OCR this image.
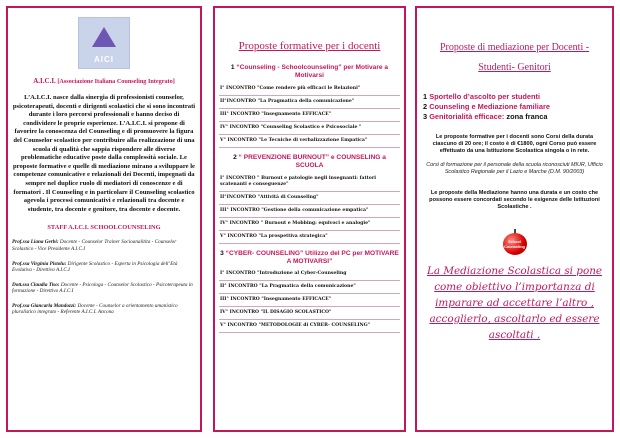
AICI
A.I.C.I. [Associazione Italiana Counseling Integrato]

L’A.I.C.I. nasce dalla sinergia di professionisti counselor, psicoterapeuti, docenti e dirigenti scolastici che si sono incontrati durante i loro percorsi professionali e hanno deciso di condividere le proprie esperienze. L’A.I.C.I. si propone di favorire la conoscenza del Counseling e di promuovere la figura del Counselor scolastico per contribuire alla realizzazione di una scuola di qualità che sappia rispondere alle diverse problematiche educative poste dalla complessità sociale. Le proposte formative e quelle di mediazione mirano a sviluppare le competenze comunicative e relazionali dei Docenti, impegnati da sempre nel duplice ruolo di mediatori di conoscenze e di formatori . Il Counseling e in particolare il Counseling scolastico agevola i processi comunicativi e relazionali tra docente e studente, tra docente e genitore, tra docente e docente.

STAFF A.I.C.I. SCHOOLCOUNSELING

Prof.ssa Liana Gerbi: Docente - Counselor Trainer Socioanalitita - Counselor Scolastico - Vice Presidente A.I.C.I

Prof.ssa Virginia Pistolu: Dirigente Scolastico - Esperta in Psicologia dell’Età Evolutiva - Direttivo A.I.C.I

Dott.ssa Claudia Tiso: Docente - Psicologa - Counselor Scolastico - Psicoterapeuta in formazione - Direttivo A.I.C.I

Prof.ssa Giancarla Mandozzi: Docente - Counselor a orientamento umanistico pluralistico integrato - Referente A.I.C.I. Ancona

Proposte formative per i docenti
1 “Counseling - Schoolcounseling” per Motivare a Motivarsi
I° INCONTRO "Come rendere più efficaci le Relazioni"
II°INCONTRO "La Pragmatica della comunicazione"
III° INCONTRO "Insegnamento EFFICACE"
IV° INCONTRO "Counseling Scolastico e Psicosociale "
V° INCONTRO "Le Tecniche di verbalizzazione Empatica"
2 “ PREVENZIONE BURNOUT” e COUNSELING a SCUOLA
I° INCONTRO " Burnout e patologie negli insegnanti: fattori scatenanti e conseguenze"
II°INCONTRO "Attività di Counseling"
III° INCONTRO "Gestione della comunicazione empatica"
IV° INCONTRO " Burnout e Mobbing: equivoci e analogie"
V° INCONTRO "La prospettiva strategica"
3 “CYBER- COUNSELING” Utilizzo del PC per MOTIVARE A MOTIVARSI”
I° INCONTRO "Introduzione al Cyber-Counseling
II° INCONTRO "La Pragmatica della comunicazione"
III° INCONTRO "Insegnamento EFFICACE"
IV° INCONTRO "IL DISAGIO SCOLASTICO"
V° INCONTRO "METODOLOGIE di CYBER- COUNSELING"
Proposte di mediazione per Docenti - Studenti- Genitori

1 Sportello d’ascolto per studenti

2 Counseling e Mediazione familiare

3 Genitorialità efficace: zona franca

Le proposte formative per i docenti sono Corsi della durata ciascuno di 20 ore; il costo è di €1800, ogni Corso può essere effettuato da una Istituzione Scolastica singola o in rete.

Corsi di formazione per il personale della scuola riconosciuti MIUR, Ufficio Scolastico Regionale per il Lazio e Marche (D.M. 90/2003)

Le proposte della Mediazione hanno una durata e un costo che possono essere concordati secondo le esigenze delle Istituzioni Scolastiche .

School Counseling

La Mediazione Scolastica si pone come obiettivo l’importanza di imparare ad accettare l’altro , accoglierlo, ascoltarlo ed essere ascoltati .
